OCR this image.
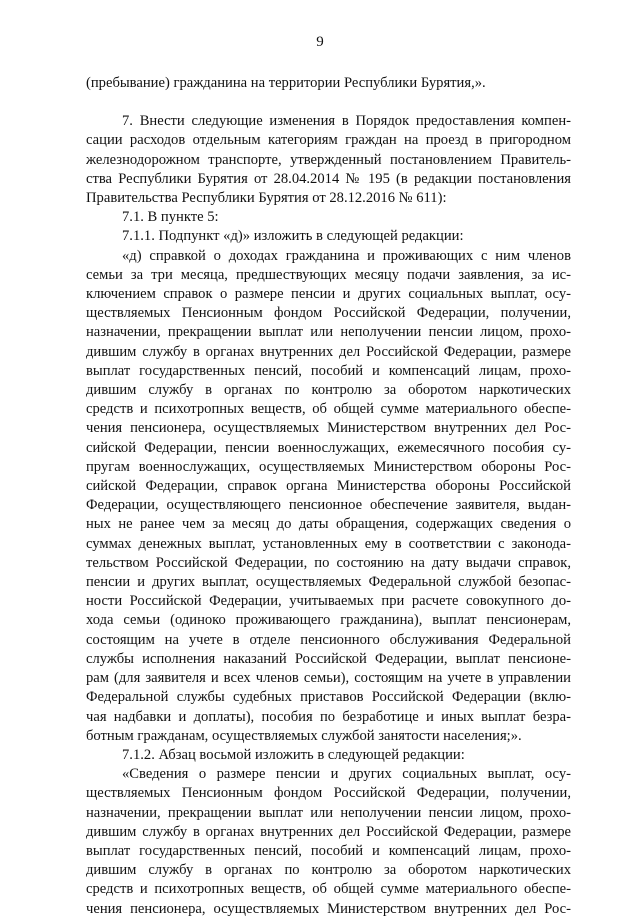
9
(пребывание) гражданина на территории Республики Бурятия,».
7. Внести следующие изменения в Порядок предоставления компен-
сации расходов отдельным категориям граждан на проезд в пригородном
железнодорожном транспорте, утвержденный постановлением Правитель-
ства Республики Бурятия от 28.04.2014 № 195 (в редакции постановления
Правительства Республики Бурятия от 28.12.2016 № 611):
7.1. В пункте 5:
7.1.1. Подпункт «д)» изложить в следующей редакции:
«д) справкой о доходах гражданина и проживающих с ним членов
семьи за три месяца, предшествующих месяцу подачи заявления, за ис-
ключением справок о размере пенсии и других социальных выплат, осу-
ществляемых Пенсионным фондом Российской Федерации, получении,
назначении, прекращении выплат или неполучении пенсии лицом, прохо-
дившим службу в органах внутренних дел Российской Федерации, размере
выплат государственных пенсий, пособий и компенсаций лицам, прохо-
дившим службу в органах по контролю за оборотом наркотических
средств и психотропных веществ, об общей сумме материального обеспе-
чения пенсионера, осуществляемых Министерством внутренних дел Рос-
сийской Федерации, пенсии военнослужащих, ежемесячного пособия су-
пругам военнослужащих, осуществляемых Министерством обороны Рос-
сийской Федерации, справок органа Министерства обороны Российской
Федерации, осуществляющего пенсионное обеспечение заявителя, выдан-
ных не ранее чем за месяц до даты обращения, содержащих сведения о
суммах денежных выплат, установленных ему в соответствии с законода-
тельством Российской Федерации, по состоянию на дату выдачи справок,
пенсии и других выплат, осуществляемых Федеральной службой безопас-
ности Российской Федерации, учитываемых при расчете совокупного до-
хода семьи (одиноко проживающего гражданина), выплат пенсионерам,
состоящим на учете в отделе пенсионного обслуживания Федеральной
службы исполнения наказаний Российской Федерации, выплат пенсионе-
рам (для заявителя и всех членов семьи), состоящим на учете в управлении
Федеральной службы судебных приставов Российской Федерации (вклю-
чая надбавки и доплаты), пособия по безработице и иных выплат безра-
ботным гражданам, осуществляемых службой занятости населения;».
7.1.2. Абзац восьмой изложить в следующей редакции:
«Сведения о размере пенсии и других социальных выплат, осу-
ществляемых Пенсионным фондом Российской Федерации, получении,
назначении, прекращении выплат или неполучении пенсии лицом, прохо-
дившим службу в органах внутренних дел Российской Федерации, размере
выплат государственных пенсий, пособий и компенсаций лицам, прохо-
дившим службу в органах по контролю за оборотом наркотических
средств и психотропных веществ, об общей сумме материального обеспе-
чения пенсионера, осуществляемых Министерством внутренних дел Рос-
